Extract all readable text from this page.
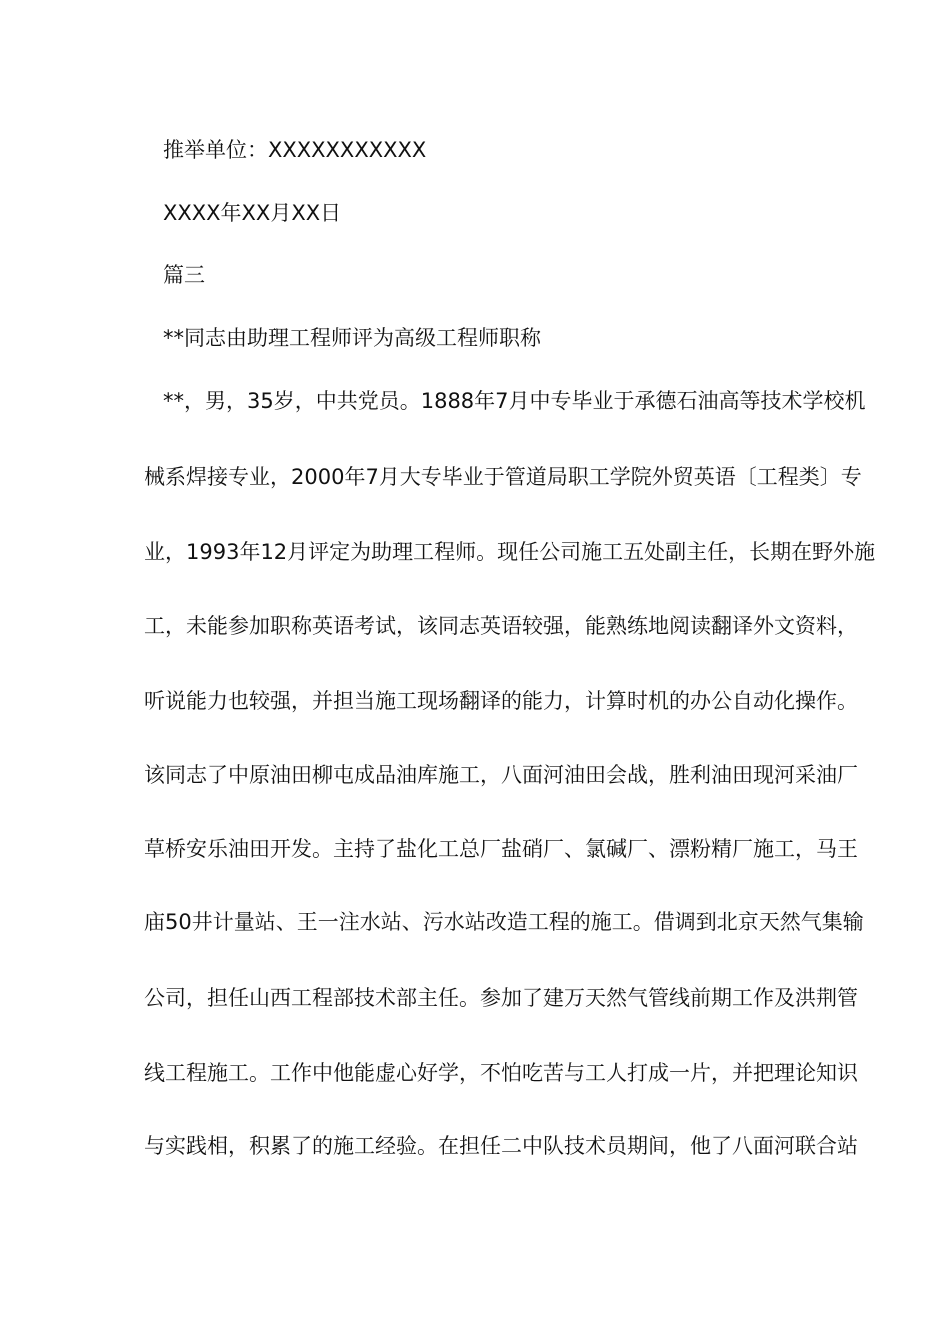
推举单位：XXXXXXXXXXX
XXXX年XX月XX日
篇三
**同志由助理工程师评为高级工程师职称
**，男，35岁，中共党员。1888年7月中专毕业于承德石油高等技术学校机
械系焊接专业，2000年7月大专毕业于管道局职工学院外贸英语〔工程类〕专
业，1993年12月评定为助理工程师。现任公司施工五处副主任，长期在野外施
工，未能参加职称英语考试，该同志英语较强，能熟练地阅读翻译外文资料，
听说能力也较强，并担当施工现场翻译的能力，计算时机的办公自动化操作。
该同志了中原油田柳屯成品油库施工，八面河油田会战，胜利油田现河采油厂
草桥安乐油田开发。主持了盐化工总厂盐硝厂、氯碱厂、漂粉精厂施工，马王
庙50井计量站、王一注水站、污水站改造工程的施工。借调到北京天然气集输
公司，担任山西工程部技术部主任。参加了建万天然气管线前期工作及洪荆管
线工程施工。工作中他能虚心好学，不怕吃苦与工人打成一片，并把理论知识
与实践相，积累了的施工经验。在担任二中队技术员期间，他了八面河联合站
